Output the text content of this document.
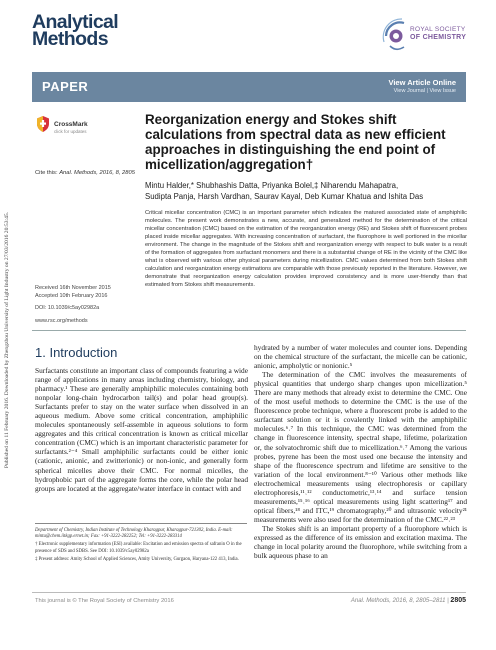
Published on 11 February 2016. Downloaded by Zhengzhou University of Light Industry on 27/03/2016 20:53:45.
Analytical
Methods	ROYAL SOCIETY
OF CHEMISTRY
PAPER	View Article Online
View Journal | View Issue
CrossMark
click for updates
Cite this: Anal. Methods, 2016, 8, 2805
Reorganization energy and Stokes shift calculations from spectral data as new efficient approaches in distinguishing the end point of micellization/aggregation†
Mintu Halder,* Shubhashis Datta, Priyanka Bolel,‡ Niharendu Mahapatra,
Sudipta Panja, Harsh Vardhan, Saurav Kayal, Deb Kumar Khatua and Ishita Das
Critical micellar concentration (CMC) is an important parameter which indicates the matured associated state of amphiphilic molecules. The present work demonstrates a new, accurate, and generalized method for the determination of the critical micellar concentration (CMC) based on the estimation of the reorganization energy (RE) and Stokes shift of fluorescent probes placed inside micellar aggregates. With increasing concentration of surfactant, the fluorophore is well portioned in the micellar environment. The change in the magnitude of the Stokes shift and reorganization energy with respect to bulk water is a result of the formation of aggregates from surfactant monomers and there is a substantial change of RE in the vicinity of the CMC like what is observed with various other physical parameters during micellization. CMC values determined from both Stokes shift calculation and reorganization energy estimations are comparable with those previously reported in the literature. However, we demonstrate that reorganization energy calculation provides improved consistency and is more user-friendly than that estimated from Stokes shift measurements.
Received 16th November 2015
Accepted 10th February 2016
DOI: 10.1039/c5ay02982a
www.rsc.org/methods
1. Introduction

Surfactants constitute an important class of compounds featuring a wide range of applications in many areas including chemistry, biology, and pharmacy.¹ These are generally amphiphilic molecules containing both nonpolar long-chain hydrocarbon tail(s) and polar head group(s). Surfactants prefer to stay on the water surface when dissolved in an aqueous medium. Above some critical concentration, amphiphilic molecules spontaneously self-assemble in aqueous solutions to form aggregates and this critical concentration is known as critical micellar concentration (CMC) which is an important characteristic parameter for surfactants.²⁻⁴ Small amphiphilic surfactants could be either ionic (cationic, anionic, and zwitterionic) or non-ionic, and generally form spherical micelles above their CMC. For normal micelles, the hydrophobic part of the aggregate forms the core, while the polar head groups are located at the aggregate/water interface in contact with and

hydrated by a number of water molecules and counter ions. Depending on the chemical structure of the surfactant, the micelle can be cationic, anionic, ampholytic or nonionic.⁵

The determination of the CMC involves the measurements of physical quantities that undergo sharp changes upon micellization.⁵ There are many methods that already exist to determine the CMC. One of the most useful methods to determine the CMC is the use of the fluorescence probe technique, where a fluorescent probe is added to the surfactant solution or it is covalently linked with the amphiphilic molecules.⁶˒⁷ In this technique, the CMC was determined from the change in fluorescence intensity, spectral shape, lifetime, polarization or, the solvatochromic shift due to micellization.⁶˒⁷ Among the various probes, pyrene has been the most used one because the intensity and shape of the fluorescence spectrum and lifetime are sensitive to the variation of the local environment.⁸⁻¹⁰ Various other methods like electrochemical measurements using electrophoresis or capillary electrophoresis,¹¹˒¹² conductometric,¹³˒¹⁴ and surface tension measurements,¹⁵˒¹⁶ optical measurements using light scattering¹⁷ and optical fibers,¹⁸ and ITC,¹⁹ chromatography,²⁰ and ultrasonic velocity²¹ measurements were also used for the determination of the CMC.²²˒²³

The Stokes shift is an important property of a fluorophore which is expressed as the difference of its emission and excitation maxima. The change in local polarity around the fluorophore, while switching from a bulk aqueous phase to an

Department of Chemistry, Indian Institute of Technology Kharagpur, Kharagpur-721302, India. E-mail: mintu@chem.iitkgp.ernet.in; Fax: +91-3222-282252; Tel: +91-3222-283314

† Electronic supplementary information (ESI) available: Excitation and emission spectra of safranin O in the presence of SDS and SDBS. See DOI: 10.1039/c5ay02982a

‡ Present address: Amity School of Applied Sciences, Amity University, Gurgaon, Haryana-122 413, India.

This journal is © The Royal Society of Chemistry 2016	Anal. Methods, 2016, 8, 2805–2811 | 2805
